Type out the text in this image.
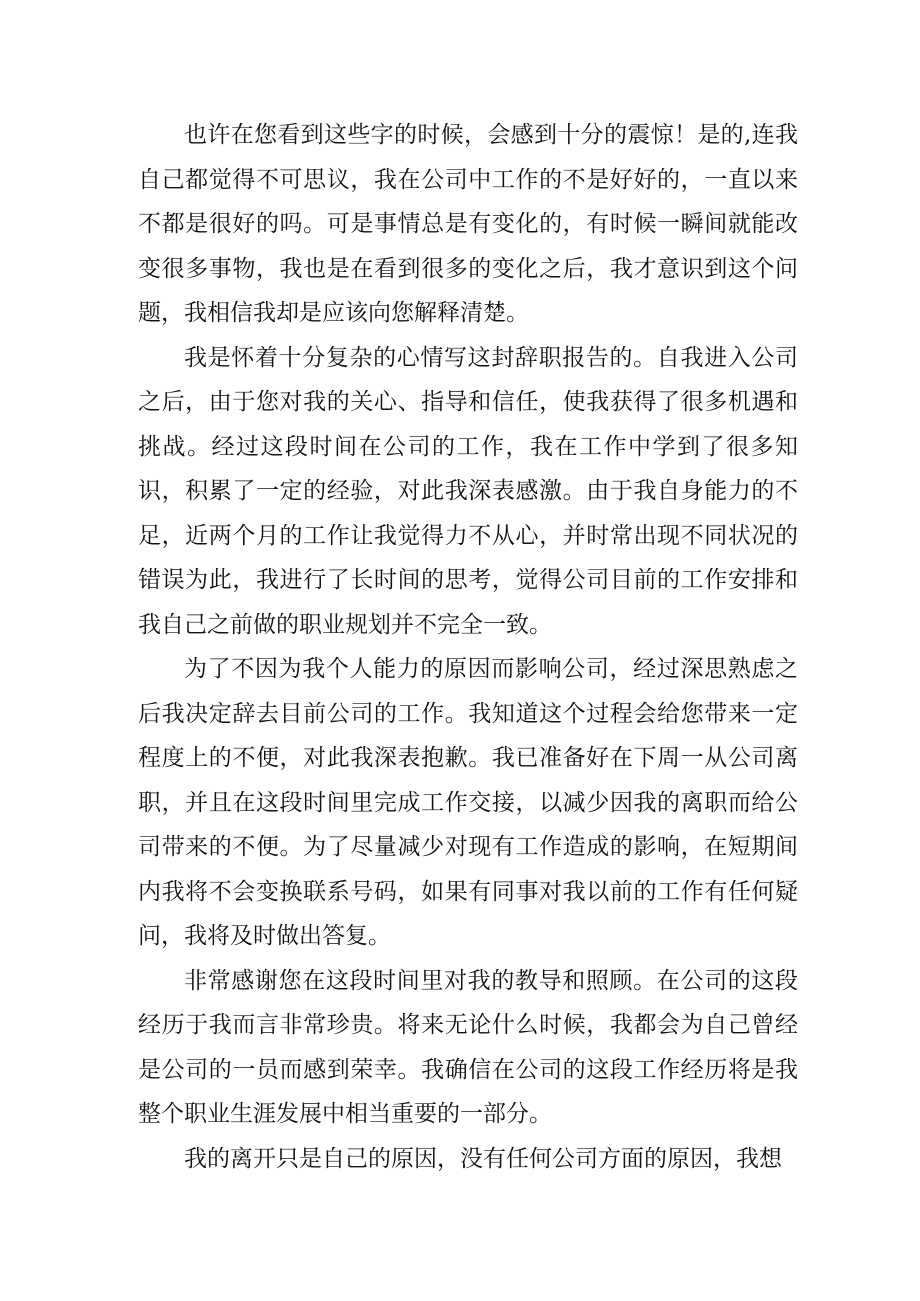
也许在您看到这些字的时候，会感到十分的震惊！是的,连我自己都觉得不可思议，我在公司中工作的不是好好的，一直以来不都是很好的吗。可是事情总是有变化的，有时候一瞬间就能改变很多事物，我也是在看到很多的变化之后，我才意识到这个问题，我相信我却是应该向您解释清楚。

我是怀着十分复杂的心情写这封辞职报告的。自我进入公司之后，由于您对我的关心、指导和信任，使我获得了很多机遇和挑战。经过这段时间在公司的工作，我在工作中学到了很多知识，积累了一定的经验，对此我深表感激。由于我自身能力的不足，近两个月的工作让我觉得力不从心，并时常出现不同状况的错误为此，我进行了长时间的思考，觉得公司目前的工作安排和我自己之前做的职业规划并不完全一致。

为了不因为我个人能力的原因而影响公司，经过深思熟虑之后我决定辞去目前公司的工作。我知道这个过程会给您带来一定程度上的不便，对此我深表抱歉。我已准备好在下周一从公司离职，并且在这段时间里完成工作交接，以减少因我的离职而给公司带来的不便。为了尽量减少对现有工作造成的影响，在短期间内我将不会变换联系号码，如果有同事对我以前的工作有任何疑问，我将及时做出答复。

非常感谢您在这段时间里对我的教导和照顾。在公司的这段经历于我而言非常珍贵。将来无论什么时候，我都会为自己曾经是公司的一员而感到荣幸。我确信在公司的这段工作经历将是我整个职业生涯发展中相当重要的一部分。

我的离开只是自己的原因，没有任何公司方面的原因，我想
